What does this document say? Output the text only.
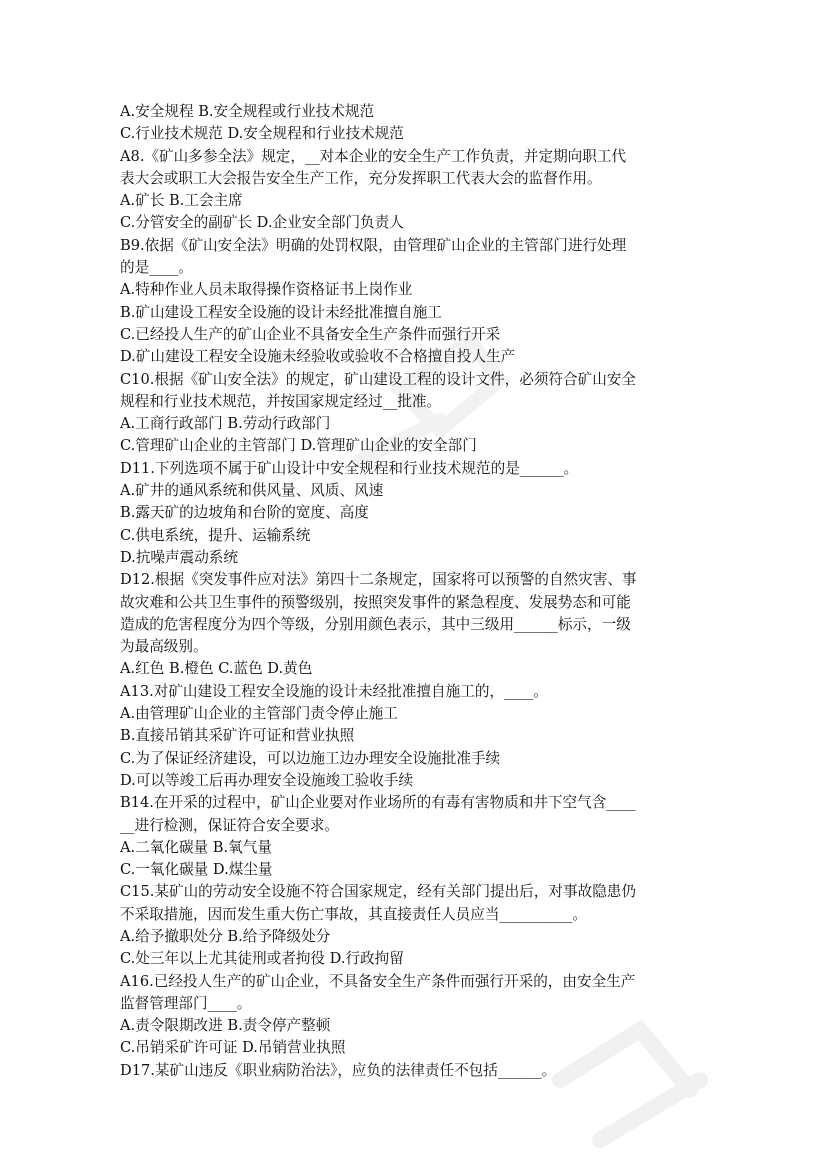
A.安全规程 B.安全规程或行业技术规范

C.行业技术规范 D.安全规程和行业技术规范

A8.《矿山多参全法》规定，__对本企业的安全生产工作负责，并定期向职工代

表大会或职工大会报告安全生产工作，充分发挥职工代表大会的监督作用。

A.矿长 B.工会主席

C.分管安全的副矿长 D.企业安全部门负责人

B9.依据《矿山安全法》明确的处罚权限，由管理矿山企业的主管部门进行处理

的是____。

A.特种作业人员未取得操作资格证书上岗作业

B.矿山建设工程安全设施的设计未经批准擅自施工

C.已经投人生产的矿山企业不具备安全生产条件而强行开采

D.矿山建设工程安全设施未经验收或验收不合格擅自投人生产

C10.根据《矿山安全法》的规定，矿山建设工程的设计文件，必须符合矿山安全

规程和行业技术规范，并按国家规定经过__批准。

A.工商行政部门 B.劳动行政部门

C.管理矿山企业的主管部门 D.管理矿山企业的安全部门

D11.下列选项不属于矿山设计中安全规程和行业技术规范的是______。

A.矿井的通风系统和供风量、风质、风速

B.露天矿的边坡角和台阶的宽度、高度

C.供电系统，提升、运输系统

D.抗噪声震动系统

D12.根据《突发事件应对法》第四十二条规定，国家将可以预警的自然灾害、事

故灾难和公共卫生事件的预警级别，按照突发事件的紧急程度、发展势态和可能

造成的危害程度分为四个等级，分别用颜色表示，其中三级用______标示，一级

为最高级别。

A.红色 B.橙色 C.蓝色 D.黄色

A13.对矿山建设工程安全设施的设计未经批准擅自施工的，____。

A.由管理矿山企业的主管部门责令停止施工

B.直接吊销其采矿许可证和营业执照

C.为了保证经济建设，可以边施工边办理安全设施批准手续

D.可以等竣工后再办理安全设施竣工验收手续

B14.在开采的过程中，矿山企业要对作业场所的有毒有害物质和井下空气含____

__进行检测，保证符合安全要求。

A.二氧化碳量 B.氧气量

C.一氧化碳量 D.煤尘量

C15.某矿山的劳动安全设施不符合国家规定，经有关部门提出后，对事故隐患仍

不采取措施，因而发生重大伤亡事故，其直接责任人员应当__________。

A.给予撤职处分 B.给予降级处分

C.处三年以上尤其徒刑或者拘役 D.行政拘留

A16.已经投人生产的矿山企业，不具备安全生产条件而强行开采的，由安全生产

监督管理部门____。

A.责令限期改进 B.责令停产整顿

C.吊销采矿许可证 D.吊销营业执照

D17.某矿山违反《职业病防治法》，应负的法律责任不包括______。
